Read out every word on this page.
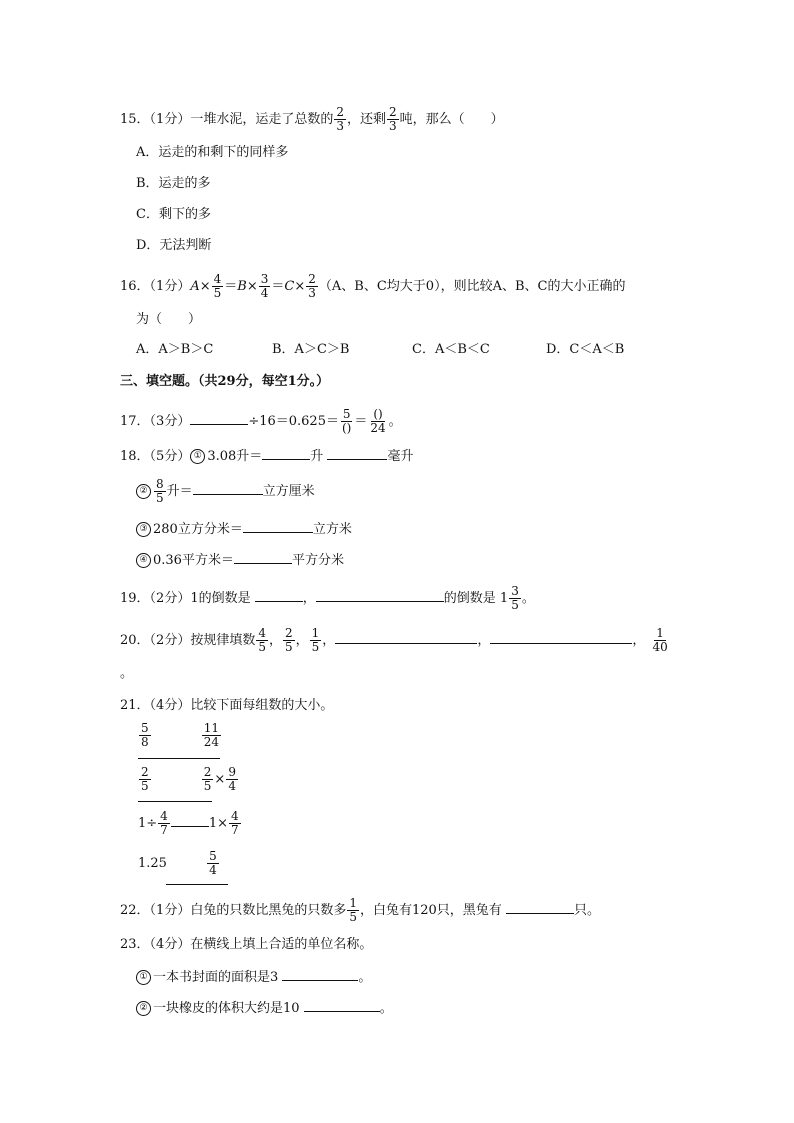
15．（1分）一堆水泥，运走了总数的 $\frac{2}{3}$ ，还剩 $\frac{2}{3}$ 吨，那么（　　）
A．运走的和剩下的同样多
B．运走的多
C．剩下的多
D．无法判断
16．（1分）$A\times \frac{4}{5} =B\times \frac{3}{4} =C\times \frac{2}{3} (A$、B、C均大于0），则比较A、B、C的大小正确的
为（　　）
A．A＞B＞C	B．A＞C＞B	C．A＜B＜C	D．C＜A＜B
三、填空题。（共29分，每空1分。）
17．（3分）	$\div 16=0.625= \frac{5}{()} = \frac{()}{24}$ 。
18．（5分） ① 3.08升＝	升	毫升
② $\frac{8}{5}$ 升＝	立方厘米
③ 280立方分米＝	立方米
④ 0.36平方米＝	平方分米
19．（2分）1的倒数是	，	的倒数是 $1 \frac{3}{5}$ 。
20．（2分）按规律填数 $\frac{4}{5}$ ， $\frac{2}{5}$ ， $\frac{1}{5}$ ，	，	， $\frac{1}{40}$
。
21．（4分）比较下面每组数的大小。
$\frac{5}{8}$
	$\frac{11}{24}$
$\frac{2}{5}$
	$\frac{2}{5} \times \frac{9}{4}$
$1\div \frac{4}{7}$	$1\times \frac{4}{7}$
1.25	$\frac{5}{4}$
22．（1分）白兔的只数比黑兔的只数多 $\frac{1}{5}$ ，白兔有120只，黑兔有	只。
23．（4分）在横线上填上合适的单位名称。
① 一本书封面的面积是3	。
② 一块橡皮的体积大约是10	。
